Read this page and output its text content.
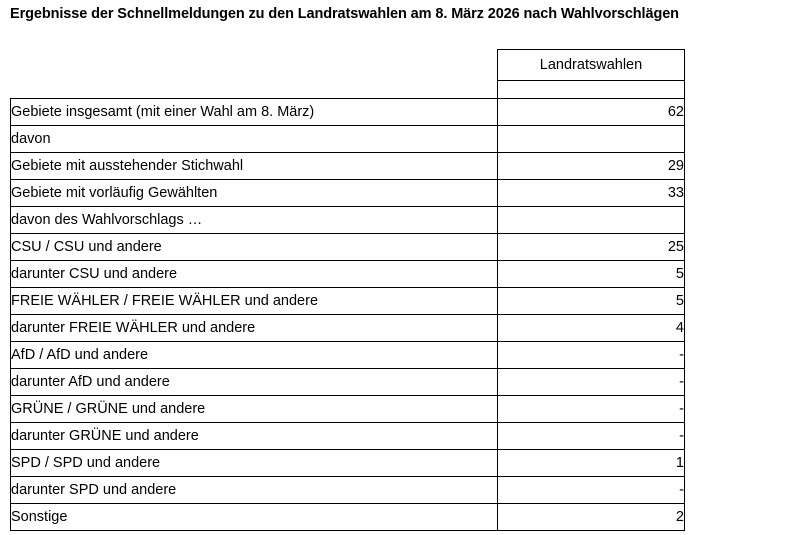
Ergebnisse der Schnellmeldungen zu den Landratswahlen am 8. März 2026 nach Wahlvorschlägen
	Landratswahlen

Gebiete insgesamt (mit einer Wahl am 8. März)	62
davon	
Gebiete mit ausstehender Stichwahl	29
Gebiete mit vorläufig Gewählten	33
davon des Wahlvorschlags …	
CSU / CSU und andere	25
darunter CSU und andere	5
FREIE WÄHLER / FREIE WÄHLER und andere	5
darunter FREIE WÄHLER und andere	4
AfD / AfD und andere	-
darunter AfD und andere	-
GRÜNE / GRÜNE und andere	-
darunter GRÜNE und andere	-
SPD / SPD und andere	1
darunter SPD und andere	-
Sonstige	2
